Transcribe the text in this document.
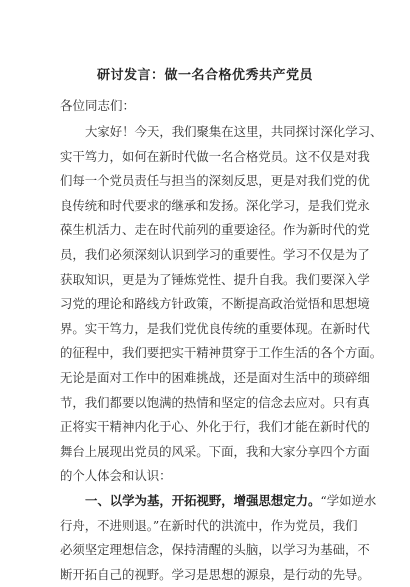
研讨发言：做一名合格优秀共产党员
各位同志们：
大家好！今天，我们聚集在这里，共同探讨深化学习、
实干笃力，如何在新时代做一名合格党员。这不仅是对我
们每一个党员责任与担当的深刻反思，更是对我们党的优
良传统和时代要求的继承和发扬。深化学习，是我们党永
葆生机活力、走在时代前列的重要途径。作为新时代的党
员，我们必须深刻认识到学习的重要性。学习不仅是为了
获取知识，更是为了锤炼党性、提升自我。我们要深入学
习党的理论和路线方针政策，不断提高政治觉悟和思想境
界。实干笃力，是我们党优良传统的重要体现。在新时代
的征程中，我们要把实干精神贯穿于工作生活的各个方面。
无论是面对工作中的困难挑战，还是面对生活中的琐碎细
节，我们都要以饱满的热情和坚定的信念去应对。只有真
正将实干精神内化于心、外化于行，我们才能在新时代的
舞台上展现出党员的风采。下面，我和大家分享四个方面
的个人体会和认识：
一、以学为基，开拓视野，增强思想定力。“学如逆水
行舟，不进则退。”在新时代的洪流中，作为党员，我们
必须坚定理想信念，保持清醒的头脑，以学习为基础，不
断开拓自己的视野。学习是思想的源泉，是行动的先导。
